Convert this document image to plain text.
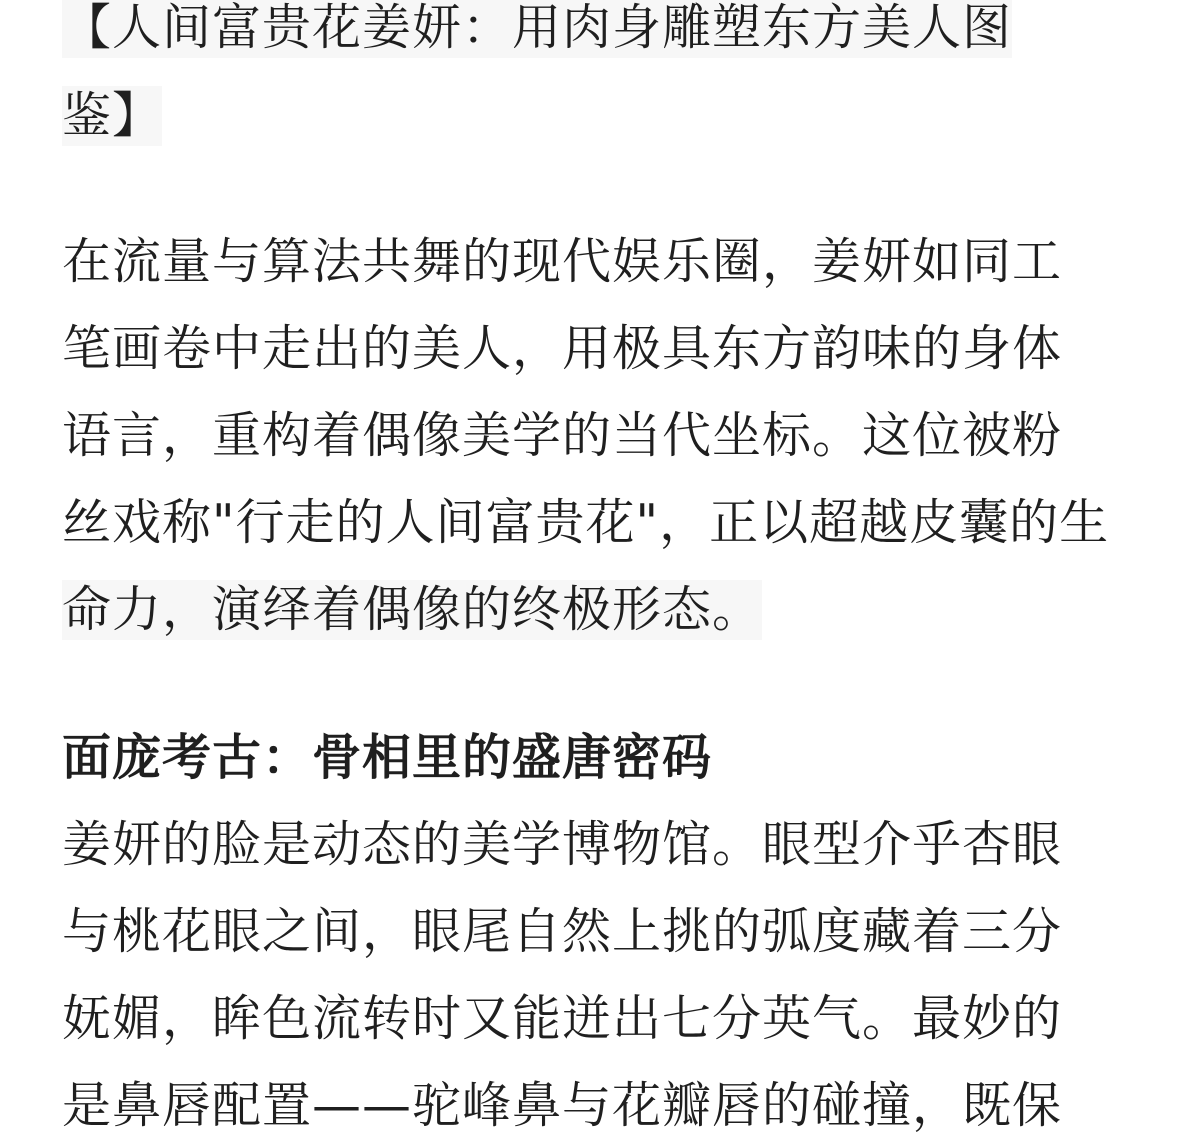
【人间富贵花姜妍：用肉身雕塑东方美人图

鉴】

在流量与算法共舞的现代娱乐圈，姜妍如同工

笔画卷中走出的美人，用极具东方韵味的身体

语言，重构着偶像美学的当代坐标。这位被粉

丝戏称"行走的人间富贵花"，正以超越皮囊的生

命力，演绎着偶像的终极形态。

面庞考古：骨相里的盛唐密码

姜妍的脸是动态的美学博物馆。眼型介乎杏眼

与桃花眼之间，眼尾自然上挑的弧度藏着三分

妩媚，眸色流转时又能迸出七分英气。最妙的

是鼻唇配置——驼峰鼻与花瓣唇的碰撞，既保
